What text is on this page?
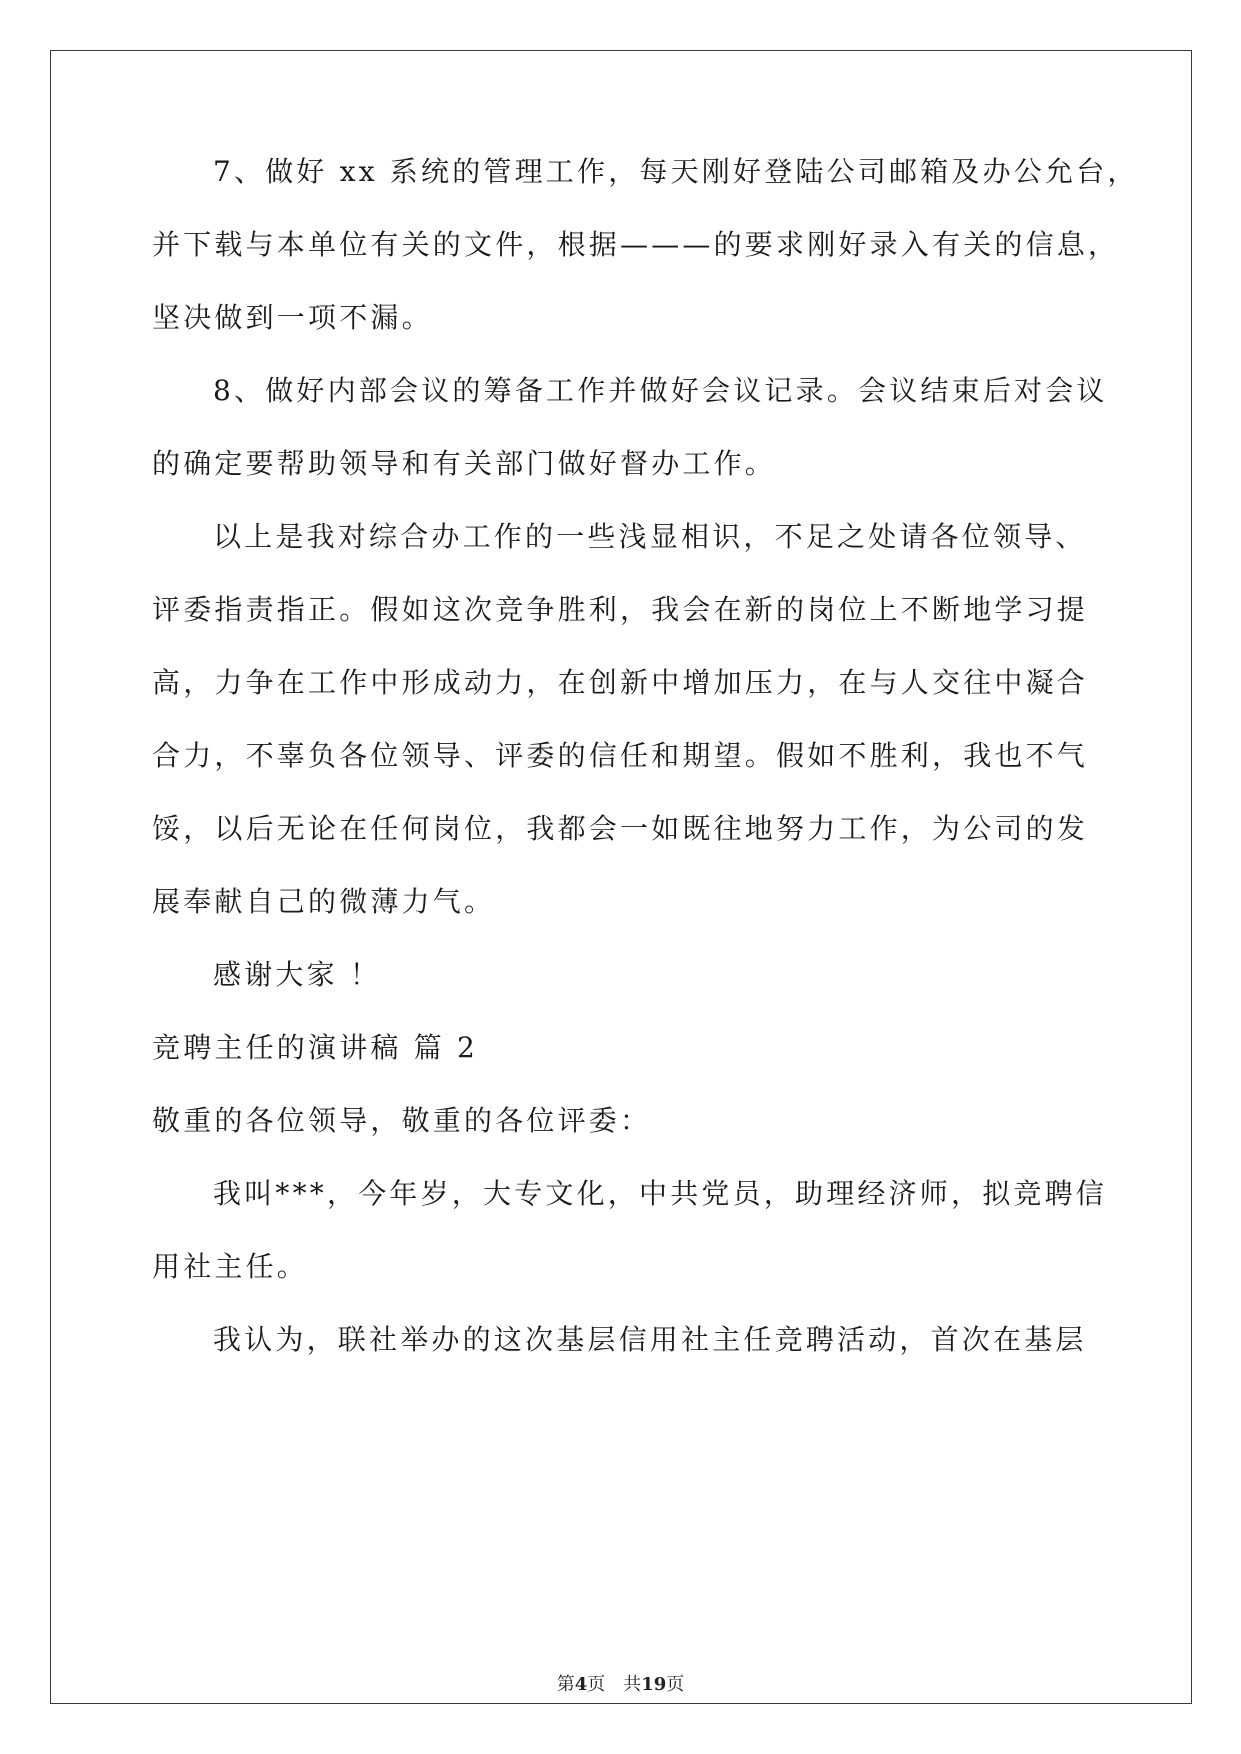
7、做好 xx 系统的管理工作，每天刚好登陆公司邮箱及办公允台，
并下载与本单位有关的文件，根据———的要求刚好录入有关的信息，
坚决做到一项不漏。
8、做好内部会议的筹备工作并做好会议记录。会议结束后对会议
的确定要帮助领导和有关部门做好督办工作。
以上是我对综合办工作的一些浅显相识，不足之处请各位领导、
评委指责指正。假如这次竞争胜利，我会在新的岗位上不断地学习提
高，力争在工作中形成动力，在创新中增加压力，在与人交往中凝合
合力，不辜负各位领导、评委的信任和期望。假如不胜利，我也不气
馁，以后无论在任何岗位，我都会一如既往地努力工作，为公司的发
展奉献自己的微薄力气。
感谢大家 ！
竞聘主任的演讲稿 篇 2
敬重的各位领导，敬重的各位评委：
我叫***，今年岁，大专文化，中共党员，助理经济师，拟竞聘信
用社主任。
我认为，联社举办的这次基层信用社主任竞聘活动，首次在基层
第4页　共19页
